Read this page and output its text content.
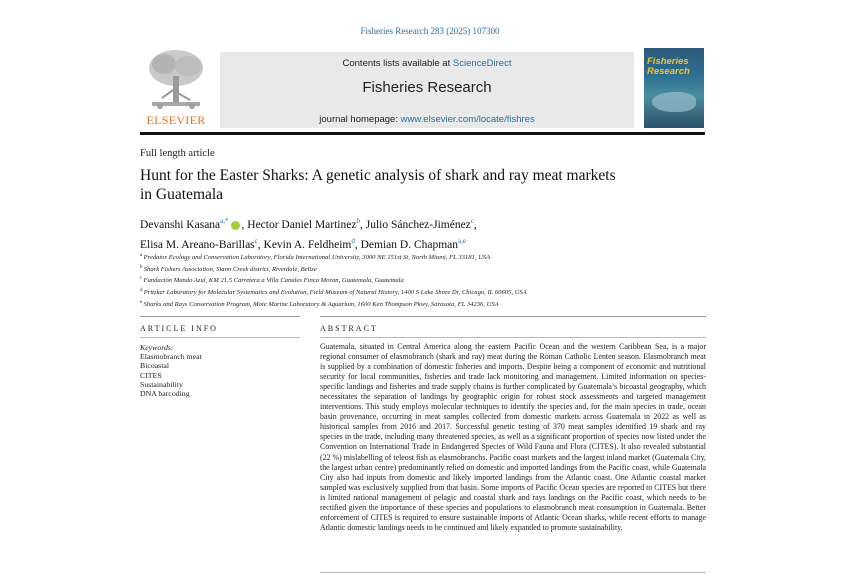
Fisheries Research 283 (2025) 107300
ELSEVIER
Contents lists available at ScienceDirect
Fisheries Research
journal homepage: www.elsevier.com/locate/fishres
Fisheries Research
Full length article
Hunt for the Easter Sharks: A genetic analysis of shark and ray meat markets in Guatemala
Devanshi Kasana$^{a,*}$ , Hector Daniel Martinez$^b$, Julio Sánchez-Jiménez$^c$,
Elisa M. Areano-Barillas$^c$, Kevin A. Feldheim$^d$, Demian D. Chapman$^{a,e}$
$^a$ Predator Ecology and Conservation Laboratory, Florida International University, 3000 NE 151st St, North Miami, FL 33181, USA
$^b$ Shark Fishers Association, Stann Creek district, Riverdale, Belize
$^c$ Fundación Mundo Azul, KM 21.5 Carretera a Villa Canales Finca Moran, Guatemala, Guatemala
$^d$ Pritzker Laboratory for Molecular Systematics and Evolution, Field Museum of Natural History, 1400 S Lake Shore Dr, Chicago, IL 60605, USA
$^e$ Sharks and Rays Conservation Program, Mote Marine Laboratory & Aquarium, 1600 Ken Thompson Pkwy, Sarasota, FL 34236, USA
ARTICLE INFO	ABSTRACT
Keywords:
Elasmobranch meat
Bicoastal
CITES
Sustainability
DNA barcoding

Guatemala, situated in Central America along the eastern Pacific Ocean and the western Caribbean Sea, is a major regional consumer of elasmobranch (shark and ray) meat during the Roman Catholic Lenten season. Elasmobranch meat is supplied by a combination of domestic fisheries and imports. Despite being a component of economic and nutritional security for local communities, fisheries and trade lack monitoring and management. Limited information on species-specific landings and fisheries and trade supply chains is further complicated by Guatemala’s bicoastal geography, which necessitates the separation of landings by geographic origin for robust stock assessments and targeted management interventions. This study employs molecular techniques to identify the species and, for the main species in trade, ocean basin provenance, occurring in meat samples collected from domestic markets across Guatemala in 2022 as well as historical samples from 2016 and 2017. Successful genetic testing of 370 meat samples identified 19 shark and ray species in the trade, including many threatened species, as well as a significant proportion of species now listed under the Convention on International Trade in Endangered Species of Wild Fauna and Flora (CITES). It also revealed substantial (22 %) mislabelling of teleost fish as elasmobranchs. Pacific coast markets and the largest inland market (Guatemala City, the largest urban centre) predominantly relied on domestic and imported landings from the Pacific coast, while Guatemala City also had inputs from domestic and likely imported landings from the Atlantic coast. One Atlantic coastal market sampled was exclusively supplied from that basin. Some imports of Pacific Ocean species are reported to CITES but there is limited national management of pelagic and coastal shark and rays landings on the Pacific coast, which needs to be rectified given the importance of these species and populations to elasmobranch meat consumption in Guatemala. Better enforcement of CITES is required to ensure sustainable imports of Atlantic Ocean sharks, while recent efforts to manage Atlantic domestic landings needs to be continued and likely expanded to promote sustainability.
